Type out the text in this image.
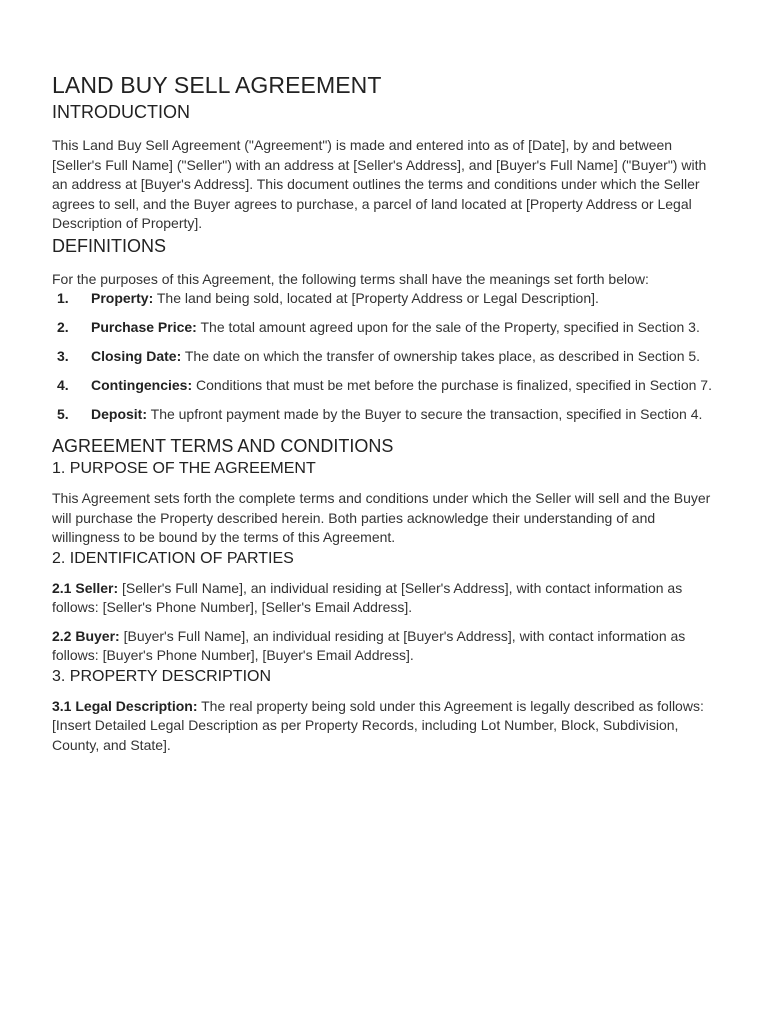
LAND BUY SELL AGREEMENT
INTRODUCTION

This Land Buy Sell Agreement ("Agreement") is made and entered into as of [Date], by and between [Seller's Full Name] ("Seller") with an address at [Seller's Address], and [Buyer's Full Name] ("Buyer") with an address at [Buyer's Address]. This document outlines the terms and conditions under which the Seller agrees to sell, and the Buyer agrees to purchase, a parcel of land located at [Property Address or Legal Description of Property].

DEFINITIONS

For the purposes of this Agreement, the following terms shall have the meanings set forth below:

1.	Property: The land being sold, located at [Property Address or Legal Description].
2.	Purchase Price: The total amount agreed upon for the sale of the Property, specified in Section 3.
3.	Closing Date: The date on which the transfer of ownership takes place, as described in Section 5.
4.	Contingencies: Conditions that must be met before the purchase is finalized, specified in Section 7.
5.	Deposit: The upfront payment made by the Buyer to secure the transaction, specified in Section 4.
AGREEMENT TERMS AND CONDITIONS
1. PURPOSE OF THE AGREEMENT

This Agreement sets forth the complete terms and conditions under which the Seller will sell and the Buyer will purchase the Property described herein. Both parties acknowledge their understanding of and willingness to be bound by the terms of this Agreement.

2. IDENTIFICATION OF PARTIES

2.1 Seller: [Seller's Full Name], an individual residing at [Seller's Address], with contact information as follows: [Seller's Phone Number], [Seller's Email Address].

2.2 Buyer: [Buyer's Full Name], an individual residing at [Buyer's Address], with contact information as follows: [Buyer's Phone Number], [Buyer's Email Address].

3. PROPERTY DESCRIPTION

3.1 Legal Description: The real property being sold under this Agreement is legally described as follows: [Insert Detailed Legal Description as per Property Records, including Lot Number, Block, Subdivision, County, and State].
